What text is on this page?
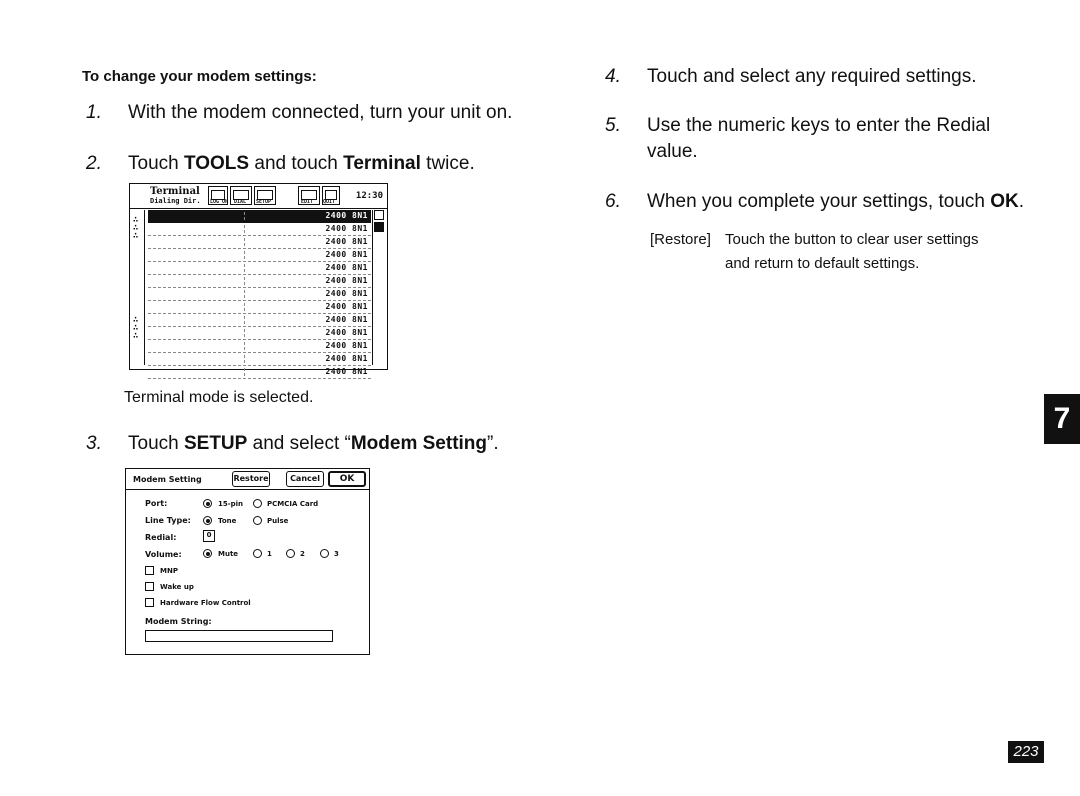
To change your modem settings:
1. With the modem connected, turn your unit on.
2. Touch TOOLS and touch Terminal twice.
Terminal
Dialing Dir. LOG ON DIAL SETUP	EDIT QUIT
12:30
∴
∴
∴
∴
∴
∴
2400 8N1
2400 8N1
2400 8N1
2400 8N1
2400 8N1
2400 8N1
2400 8N1
2400 8N1
2400 8N1
2400 8N1
2400 8N1
2400 8N1
2400 8N1
Terminal mode is selected.
3. Touch SETUP and select “Modem Setting”.
Modem Setting	Restore	Cancel	OK
Port:	15-pin	PCMCIA Card
Line Type:	Tone	Pulse
Redial:	0
Volume:	Mute	1	2	3
MNP
Wake up
Hardware Flow Control
Modem String:
4. Touch and select any required settings.
5. Use the numeric keys to enter the Redial
value.
6. When you complete your settings, touch OK.
[Restore] Touch the button to clear user settings
and return to default settings.
7
223
